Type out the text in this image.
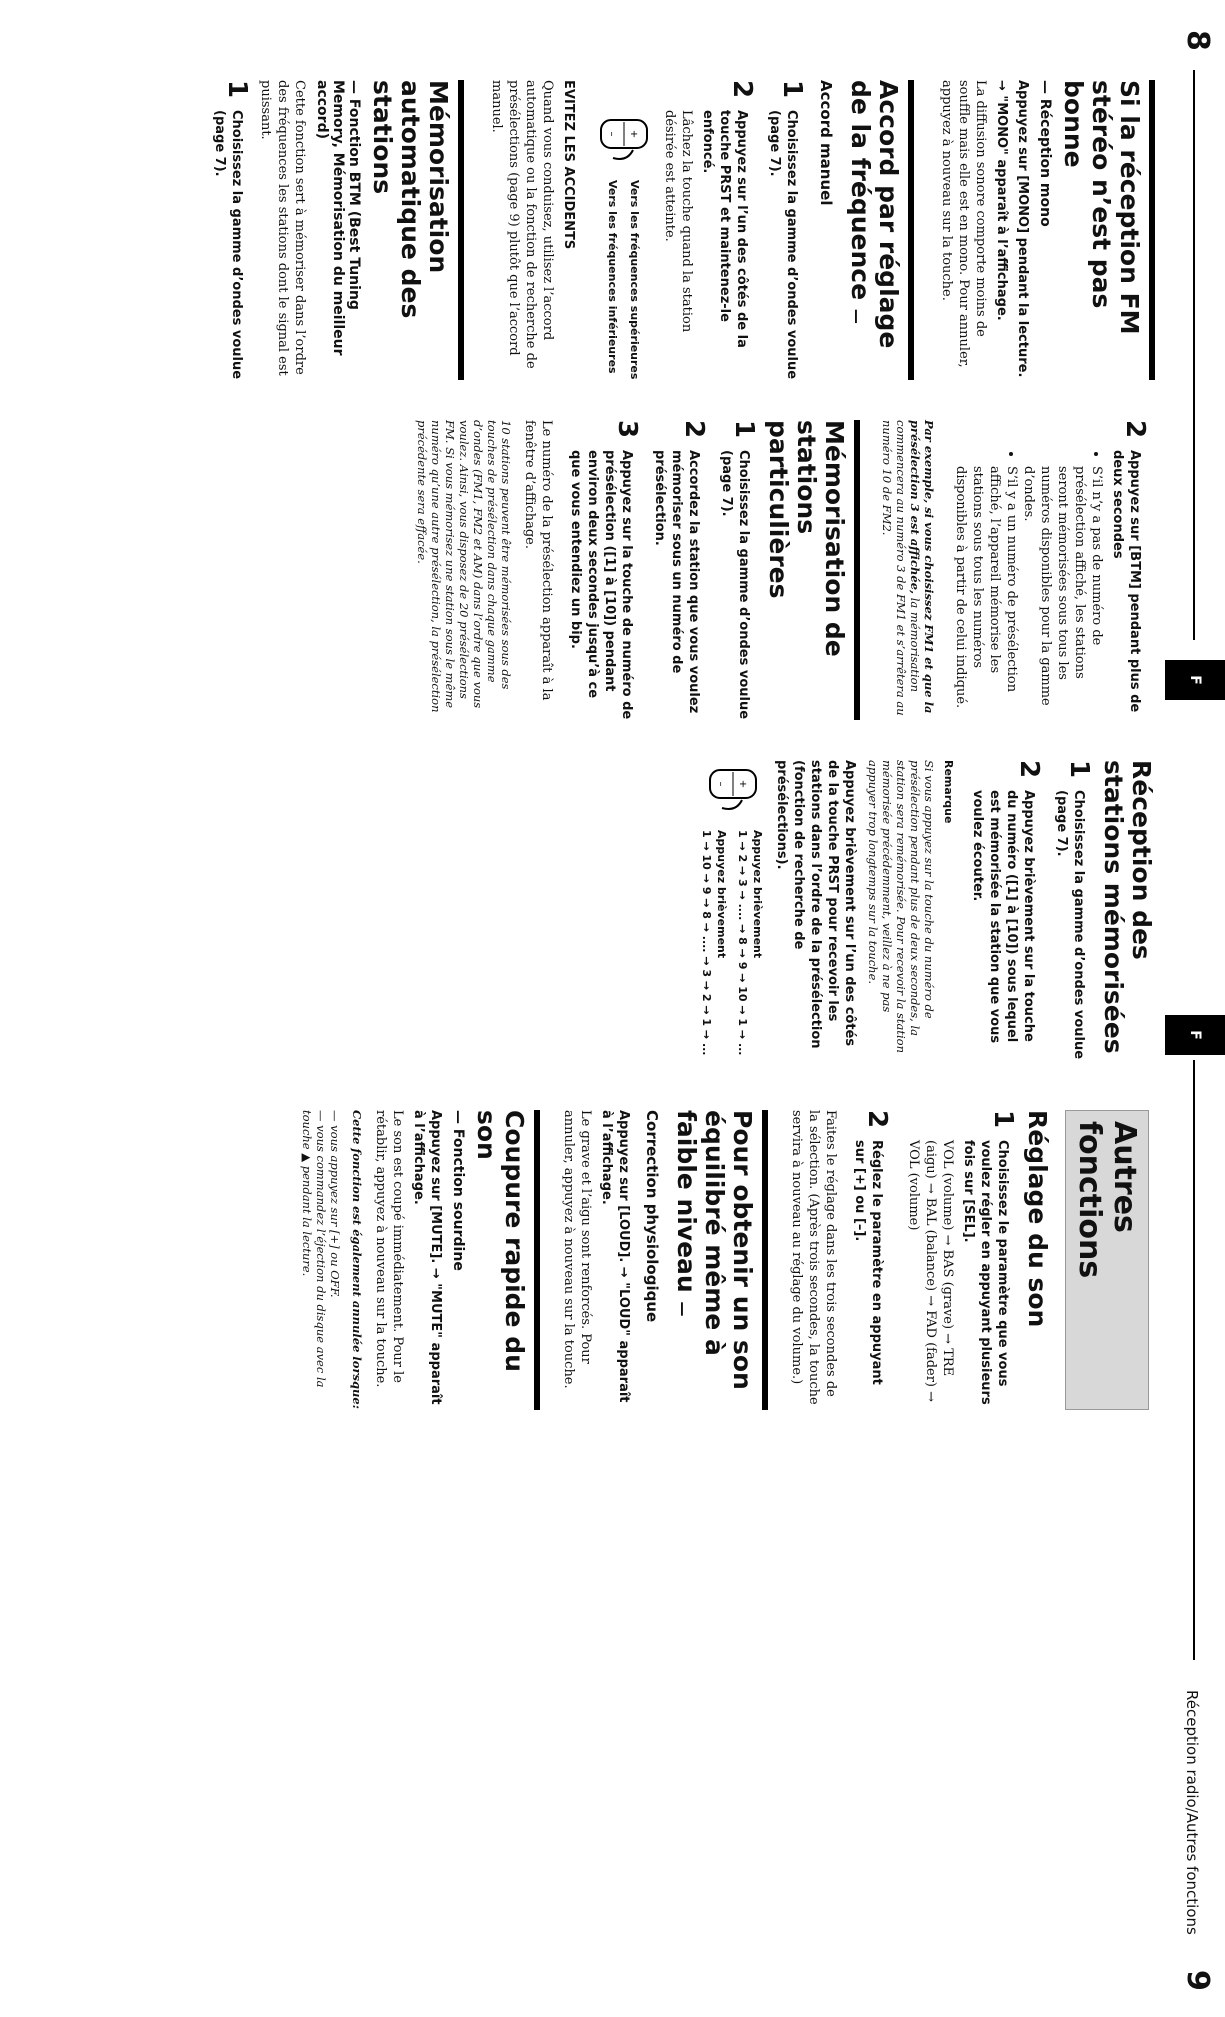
8
F
Si la réception FM stéréo n’est pas bonne
— Réception mono
Appuyez sur [MONO] pendant la lecture.
→ "MONO" apparaît à l’affichage.

La diffusion sonore comporte moins de souffle mais elle est en mono. Pour annuler, appuyez à nouveau sur la touche.

Accord par réglage de la fréquence — Accord manuel
1
Choisissez la gamme d’ondes voulue (page 7).
2
Appuyez sur l’un des côtés de la touche PRST et maintenez-le enfoncé.

Lâchez la touche quand la station désirée est atteinte.

+
–
Vers les fréquences supérieures
Vers les fréquences inférieures
EVITEZ LES ACCIDENTS

Quand vous conduisez, utilisez l’accord automatique ou la fonction de recherche de présélections (page 9) plutôt que l’accord manuel.

Mémorisation automatique des stations
— Fonction BTM (Best Tuning Memory, Mémorisation du meilleur accord)

Cette fonction sert à mémoriser dans l’ordre des fréquences les stations dont le signal est puissant.

1
Choisissez la gamme d’ondes voulue (page 7).
2
Appuyez sur [BTM] pendant plus de deux secondes
• S’il n’y a pas de numéro de présélection affiché, les stations seront mémorisées sous tous les numéros disponibles pour la gamme d’ondes.
• S’il y a un numéro de présélection affiché, l’appareil mémorise les stations sous tous les numéros disponibles à partir de celui indiqué.
Par exemple, si vous choisissez FM1 et que la présélection 3 est affichée, la mémorisation commencera au numéro 3 de FM1 et s’arrêtera au numéro 10 de FM2.
Mémorisation de stations particulières
1
Choisissez la gamme d’ondes voulue (page 7).
2
Accordez la station que vous voulez mémoriser sous un numéro de présélection.
3
Appuyez sur la touche de numéro de présélection ([1] à [10]) pendant environ deux secondes jusqu’à ce que vous entendiez un bip.

Le numéro de la présélection apparaît à la fenêtre d’affichage.

10 stations peuvent être mémorisées sous des touches de présélection dans chaque gamme d’ondes (FM1, FM2 et AM) dans l’ordre que vous voulez. Ainsi, vous disposez de 20 présélections FM. Si vous mémorisez une station sous le même numéro qu’une autre présélection, la présélection précédente sera effacée.
F
Réception radio/Autres fonctions
9
Réception des stations mémorisées
1
Choisissez la gamme d’ondes voulue (page 7).
2
Appuyez brièvement sur la touche du numéro ([1] à [10]) sous lequel est mémorisée la station que vous voulez écouter.
Remarque
Si vous appuyez sur la touche du numéro de présélection pendant plus de deux secondes, la station sera remémorisée. Pour recevoir la station mémorisée précédemment, veillez à ne pas appuyer trop longtemps sur la touche.
Appuyez brièvement sur l’un des côtés de la touche PRST pour recevoir les stations dans l’ordre de la présélection (fonction de recherche de présélections).
+
–
Appuyez brièvement
1 → 2 → 3 → .... → 8 → 9 → 10 → 1 → ...
Appuyez brièvement
1 → 10 → 9 → 8 → .... → 3 → 2 → 1 → ...
Autres fonctions
Réglage du son
1
Choisissez le paramètre que vous voulez régler en appuyant plusieurs fois sur [SEL].

VOL (volume) → BAS (grave) → TRE (aigu) → BAL (balance) → FAD (fader) → VOL (volume)

2
Réglez le paramètre en appuyant sur [+] ou [–].

Faites le réglage dans les trois secondes de la sélection. (Après trois secondes, la touche servira à nouveau au réglage du volume.)

Pour obtenir un son équilibré même à faible niveau — Correction physiologique
Appuyez sur [LOUD]. → "LOUD" apparaît à l’affichage.

Le grave et l’aigu sont renforcés. Pour annuler, appuyez à nouveau sur la touche.

Coupure rapide du son
— Fonction sourdine
Appuyez sur [MUTE]. → "MUTE" apparaît à l’affichage.

Le son est coupé immédiatement. Pour le rétablir, appuyez à nouveau sur la touche.

Cette fonction est également annulée lorsque:
— vous appuyez sur [+] ou OFF.
— vous commandez l’éjection du disque avec la touche ▲ pendant la lecture.
